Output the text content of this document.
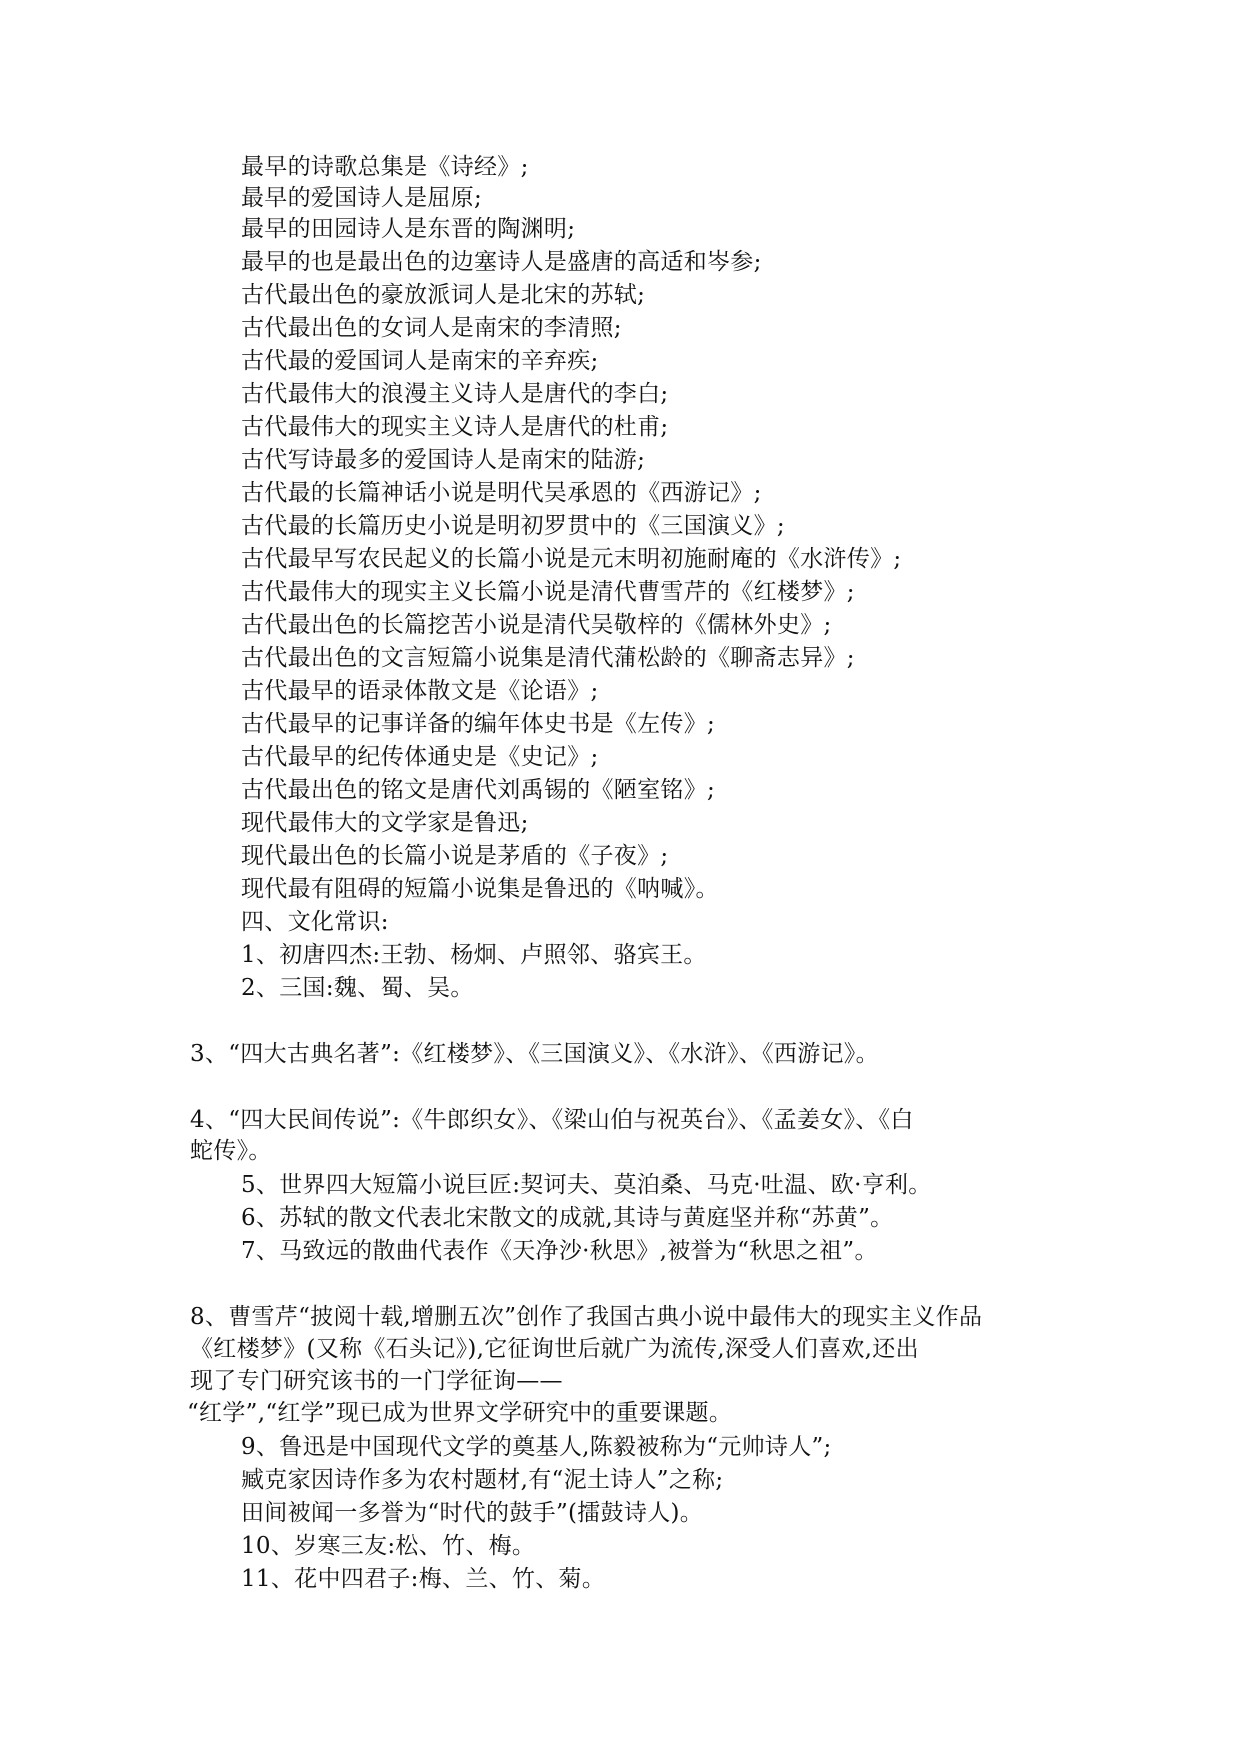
最早的诗歌总集是《诗经》;
最早的爱国诗人是屈原;
最早的田园诗人是东晋的陶渊明;
最早的也是最出色的边塞诗人是盛唐的高适和岑参;
古代最出色的豪放派词人是北宋的苏轼;
古代最出色的女词人是南宋的李清照;
古代最的爱国词人是南宋的辛弃疾;
古代最伟大的浪漫主义诗人是唐代的李白;
古代最伟大的现实主义诗人是唐代的杜甫;
古代写诗最多的爱国诗人是南宋的陆游;
古代最的长篇神话小说是明代吴承恩的《西游记》;
古代最的长篇历史小说是明初罗贯中的《三国演义》;
古代最早写农民起义的长篇小说是元末明初施耐庵的《水浒传》;
古代最伟大的现实主义长篇小说是清代曹雪芹的《红楼梦》;
古代最出色的长篇挖苦小说是清代吴敬梓的《儒林外史》;
古代最出色的文言短篇小说集是清代蒲松龄的《聊斋志异》;
古代最早的语录体散文是《论语》;
古代最早的记事详备的编年体史书是《左传》;
古代最早的纪传体通史是《史记》;
古代最出色的铭文是唐代刘禹锡的《陋室铭》;
现代最伟大的文学家是鲁迅;
现代最出色的长篇小说是茅盾的《子夜》;
现代最有阻碍的短篇小说集是鲁迅的《呐喊》。
四、文化常识:
1、初唐四杰:王勃、杨炯、卢照邻、骆宾王。
2、三国:魏、蜀、吴。
3、“四大古典名著”:《红楼梦》、《三国演义》、《水浒》、《西游记》。
4、“四大民间传说”:《牛郎织女》、《梁山伯与祝英台》、《孟姜女》、《白
蛇传》。
5、世界四大短篇小说巨匠:契诃夫、莫泊桑、马克·吐温、欧·亨利。
6、苏轼的散文代表北宋散文的成就,其诗与黄庭坚并称“苏黄”。
7、马致远的散曲代表作《天净沙·秋思》,被誉为“秋思之祖”。
8、曹雪芹“披阅十载,增删五次”创作了我国古典小说中最伟大的现实主义作品
《红楼梦》(又称《石头记》),它征询世后就广为流传,深受人们喜欢,还出
现了专门研究该书的一门学征询——
“红学”,“红学”现已成为世界文学研究中的重要课题。
9、鲁迅是中国现代文学的奠基人,陈毅被称为“元帅诗人”;
臧克家因诗作多为农村题材,有“泥土诗人”之称;
田间被闻一多誉为“时代的鼓手”(擂鼓诗人)。
10、岁寒三友:松、竹、梅。
11、花中四君子:梅、兰、竹、菊。
